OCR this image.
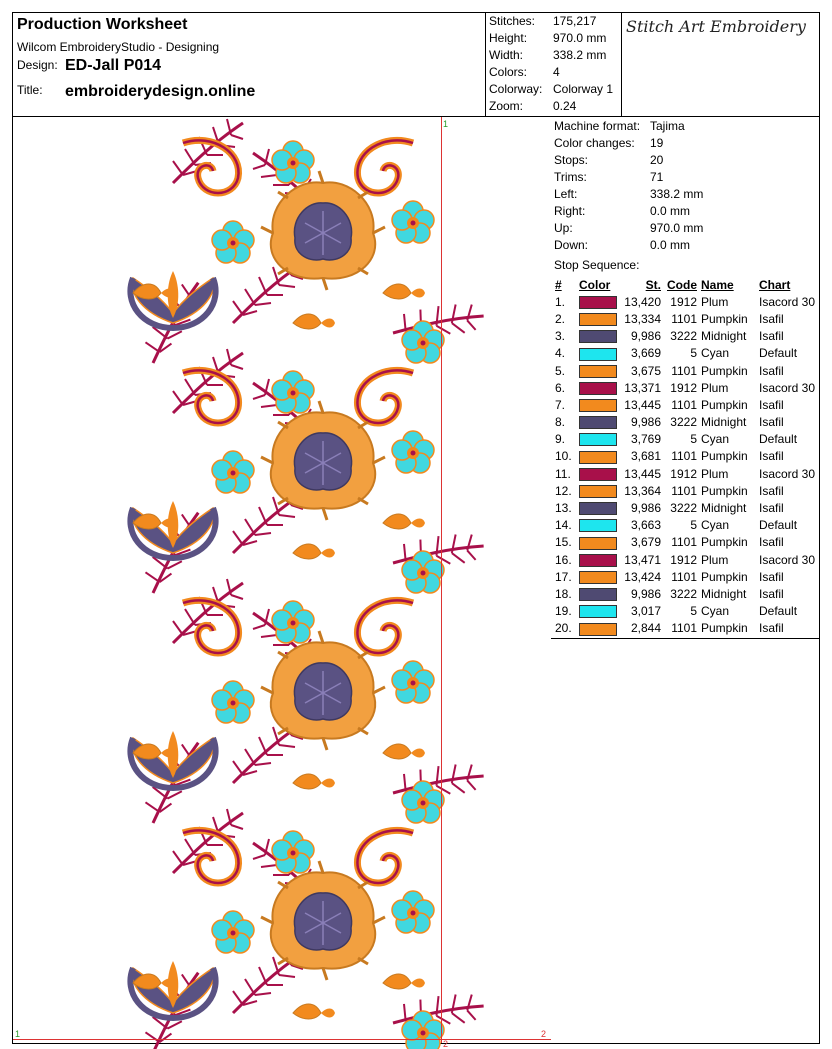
Production Worksheet
Wilcom EmbroideryStudio - Designing
Design: ED-Jall P014
Title: embroiderydesign.online
Stitches: 175,217
Height: 970.0 mm
Width: 338.2 mm
Colors: 4
Colorway: Colorway 1
Zoom: 0.24
Stitch Art Embroidery
1
1
2
2
Machine format: Tajima
Color changes: 19
Stops:	20
Trims:	71
Left:	338.2 mm
Right:	0.0 mm
Up:	970.0 mm
Down:	0.0 mm
Stop Sequence:
#	Color	St.	Code	Name	Chart
1.		13,420	1912	Plum	Isacord 30
2.		13,334	1101	Pumpkin	Isafil
3.		9,986	3222	Midnight	Isafil
4.		3,669	5	Cyan	Default
5.		3,675	1101	Pumpkin	Isafil
6.		13,371	1912	Plum	Isacord 30
7.		13,445	1101	Pumpkin	Isafil
8.		9,986	3222	Midnight	Isafil
9.		3,769	5	Cyan	Default
10.		3,681	1101	Pumpkin	Isafil
11.		13,445	1912	Plum	Isacord 30
12.		13,364	1101	Pumpkin	Isafil
13.		9,986	3222	Midnight	Isafil
14.		3,663	5	Cyan	Default
15.		3,679	1101	Pumpkin	Isafil
16.		13,471	1912	Plum	Isacord 30
17.		13,424	1101	Pumpkin	Isafil
18.		9,986	3222	Midnight	Isafil
19.		3,017	5	Cyan	Default
20.		2,844	1101	Pumpkin	Isafil
